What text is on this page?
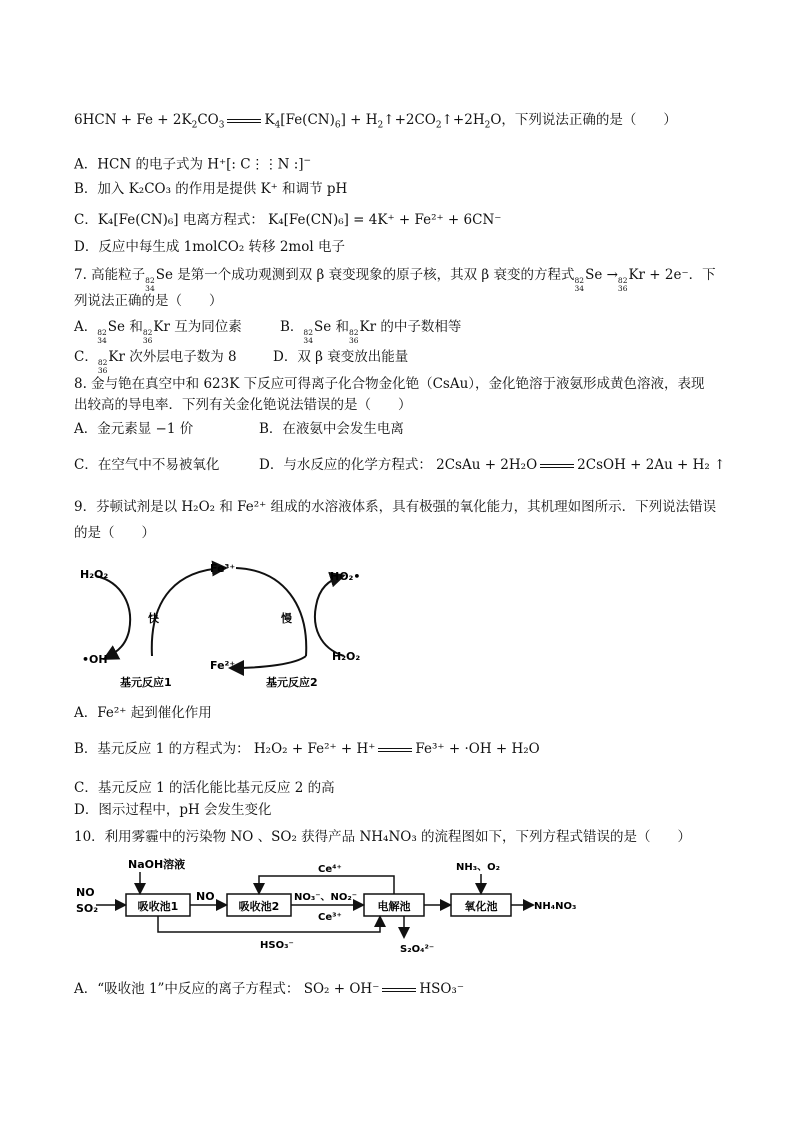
$6HCN + Fe + 2K_2CO_3$	$K_4[Fe(CN)_6]$ + $H_2↑+2CO_2↑+2H_2O$，下列说法正确的是（　　）
A．HCN 的电子式为 H⁺[: C⋮⋮N :]−
B．加入 K₂CO₃ 的作用是提供 K⁺ 和调节 pH
C．K₄[Fe(CN)₆] 电离方程式： K₄[Fe(CN)₆] = 4K⁺ + Fe²⁺ + 6CN⁻
D．反应中每生成 1molCO₂ 转移 2mol 电子
7. 高能粒子 82
34
Se 是第一个成功观测到双 β 衰变现象的原子核，其双 β 衰变的方程式 82
34
Se → 82
36
Kr + 2e⁻．下
列说法正确的是（　　）
A． 82
34
Se 和 82
36
Kr 互为同位素	B． 82
34
Se 和 82
36
Kr 的中子数相等
C． 82
36
Kr 次外层电子数为 8	D．双 β 衰变放出能量
8. 金与铯在真空中和 623K 下反应可得离子化合物金化铯（CsAu），金化铯溶于液氨形成黄色溶液，表现
出较高的导电率．下列有关金化铯说法错误的是（　　）
A．金元素显 −1 价	B．在液氨中会发生电离
C．在空气中不易被氧化	D．与水反应的化学方程式： 2CsAu + 2H₂O	2CsOH + 2Au + H₂ ↑
9．芬顿试剂是以 H₂O₂ 和 Fe²⁺ 组成的水溶液体系，具有极强的氧化能力，其机理如图所示．下列说法错误
的是（　　）
H₂O₂	Fe³⁺
HO₂•
快	慢
•OH	Fe²⁺
H₂O₂
基元反应1	基元反应2
A．Fe²⁺ 起到催化作用
B．基元反应 1 的方程式为： H₂O₂ + Fe²⁺ + H⁺	Fe³⁺ + ·OH + H₂O
C．基元反应 1 的活化能比基元反应 2 的高
D．图示过程中，pH 会发生变化
10．利用雾霾中的污染物 NO 、SO₂ 获得产品 NH₄NO₃ 的流程图如下，下列方程式错误的是（　　）
吸收池1	吸收池2	电解池	氧化池
NaOH溶液
NO
SO₂
NO	NO₃⁻、NO₂⁻
Ce³⁺
Ce⁴⁺	NH₃、O₂
NH₄NO₃
S₂O₄²⁻
HSO₃⁻
A．“吸收池 1”中反应的离子方程式： SO₂ + OH⁻	HSO₃⁻
